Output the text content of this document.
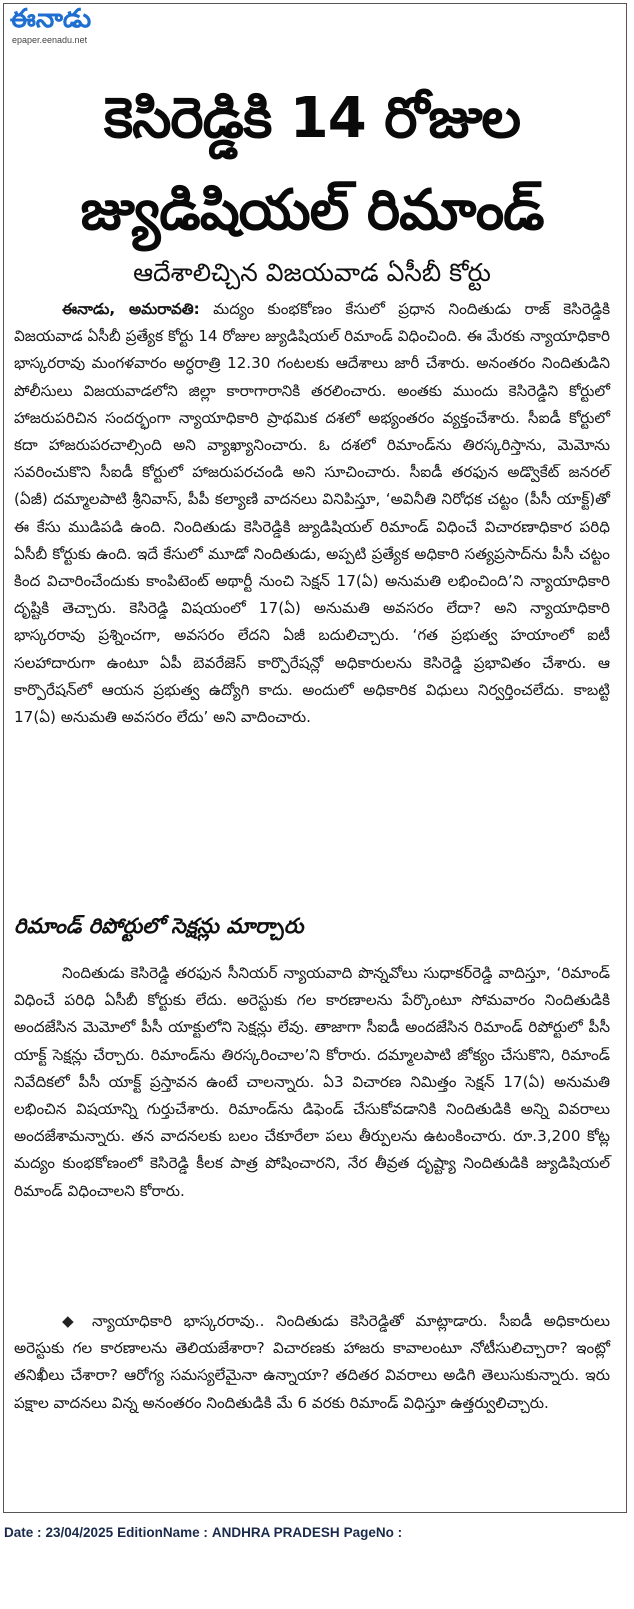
ఈనాడు
epaper.eenadu.net
కెసిరెడ్డికి 14 రోజుల
జ్యుడిషియల్ రిమాండ్
ఆదేశాలిచ్చిన విజయవాడ ఏసీబీ కోర్టు

ఈనాడు, అమరావతి: మద్యం కుంభకోణం కేసులో ప్రధాన నిందితుడు రాజ్ కెసిరెడ్డికి విజయవాడ ఏసీబీ ప్రత్యేక కోర్టు 14 రోజుల జ్యుడిషియల్ రిమాండ్ విధించింది. ఈ మేరకు న్యాయాధికారి భాస్కరరావు మంగళవారం అర్ధరాత్రి 12.30 గంటలకు ఆదేశాలు జారీ చేశారు. అనంతరం నిందితుడిని పోలీసులు విజయవాడలోని జిల్లా కారాగారానికి తరలించారు. అంతకు ముందు కెసిరెడ్డిని కోర్టులో హాజరుపరిచిన సందర్భంగా న్యాయాధికారి ప్రాథమిక దశలో అభ్యంతరం వ్యక్తంచేశారు. సీఐడీ కోర్టులో కదా హాజరుపరచాల్సింది అని వ్యాఖ్యానించారు. ఓ దశలో రిమాండ్‌ను తిరస్కరిస్తాను, మెమోను సవరించుకొని సీఐడీ కోర్టులో హాజరుపరచండి అని సూచించారు. సీఐడీ తరఫున అడ్వొకేట్ జనరల్ (ఏజీ) దమ్మాలపాటి శ్రీనివాస్, పీపీ కల్యాణి వాదనలు వినిపిస్తూ, ‘అవినీతి నిరోధక చట్టం (పీసీ యాక్ట్)తో ఈ కేసు ముడిపడి ఉంది. నిందితుడు కెసిరెడ్డికి జ్యుడిషియల్ రిమాండ్ విధించే విచారణాధికార పరిధి ఏసీబీ కోర్టుకు ఉంది. ఇదే కేసులో మూడో నిందితుడు, అప్పటి ప్రత్యేక అధికారి సత్యప్రసాద్‌ను పీసీ చట్టం కింద విచారించేందుకు కాంపిటెంట్ అథార్టీ నుంచి సెక్షన్ 17(ఏ) అనుమతి లభించింది’ని న్యాయాధికారి దృష్టికి తెచ్చారు. కెసిరెడ్డి విషయంలో 17(ఏ) అనుమతి అవసరం లేదా? అని న్యాయాధికారి భాస్కరరావు ప్రశ్నించగా, అవసరం లేదని ఏజీ బదులిచ్చారు. ‘గత ప్రభుత్వ హయాంలో ఐటీ సలహాదారుగా ఉంటూ ఏపీ బెవరేజెస్ కార్పొరేషన్లో అధికారులను కెసిరెడ్డి ప్రభావితం చేశారు. ఆ కార్పొరేషన్‌లో ఆయన ప్రభుత్వ ఉద్యోగి కాదు. అందులో అధికారిక విధులు నిర్వర్తించలేదు. కాబట్టి 17(ఏ) అనుమతి అవసరం లేదు’ అని వాదించారు.

రిమాండ్ రిపోర్టులో సెక్షన్లు మార్చారు

నిందితుడు కెసిరెడ్డి తరఫున సీనియర్ న్యాయవాది పొన్నవోలు సుధాకర్‌రెడ్డి వాదిస్తూ, ‘రిమాండ్ విధించే పరిధి ఏసీబీ కోర్టుకు లేదు. అరెస్టుకు గల కారణాలను పేర్కొంటూ సోమవారం నిందితుడికి అందజేసిన మెమోలో పీసీ యాక్టులోని సెక్షన్లు లేవు. తాజాగా సీఐడీ అందజేసిన రిమాండ్ రిపోర్టులో పీసీ యాక్ట్ సెక్షన్లు చేర్చారు. రిమాండ్‌ను తిరస్కరించాల’ని కోరారు. దమ్మాలపాటి జోక్యం చేసుకొని, రిమాండ్ నివేదికలో పీసీ యాక్ట్ ప్రస్తావన ఉంటే చాలన్నారు. ఏ3 విచారణ నిమిత్తం సెక్షన్ 17(ఏ) అనుమతి లభించిన విషయాన్ని గుర్తుచేశారు. రిమాండ్‌ను డిఫెండ్ చేసుకోవడానికి నిందితుడికి అన్ని వివరాలు అందజేశామన్నారు. తన వాదనలకు బలం చేకూరేలా పలు తీర్పులను ఉటంకించారు. రూ.3,200 కోట్ల మద్యం కుంభకోణంలో కెసిరెడ్డి కీలక పాత్ర పోషించారని, నేర తీవ్రత దృష్ట్యా నిందితుడికి జ్యుడిషియల్ రిమాండ్ విధించాలని కోరారు.

◆ న్యాయాధికారి భాస్కరరావు.. నిందితుడు కెసిరెడ్డితో మాట్లాడారు. సీఐడీ అధికారులు అరెస్టుకు గల కారణాలను తెలియజేశారా? విచారణకు హాజరు కావాలంటూ నోటీసులిచ్చారా? ఇంట్లో తనిఖీలు చేశారా? ఆరోగ్య సమస్యలేమైనా ఉన్నాయా? తదితర వివరాలు అడిగి తెలుసుకున్నారు. ఇరు పక్షాల వాదనలు విన్న అనంతరం నిందితుడికి మే 6 వరకు రిమాండ్ విధిస్తూ ఉత్తర్వులిచ్చారు.

Date : 23/04/2025 EditionName : ANDHRA PRADESH PageNo :
